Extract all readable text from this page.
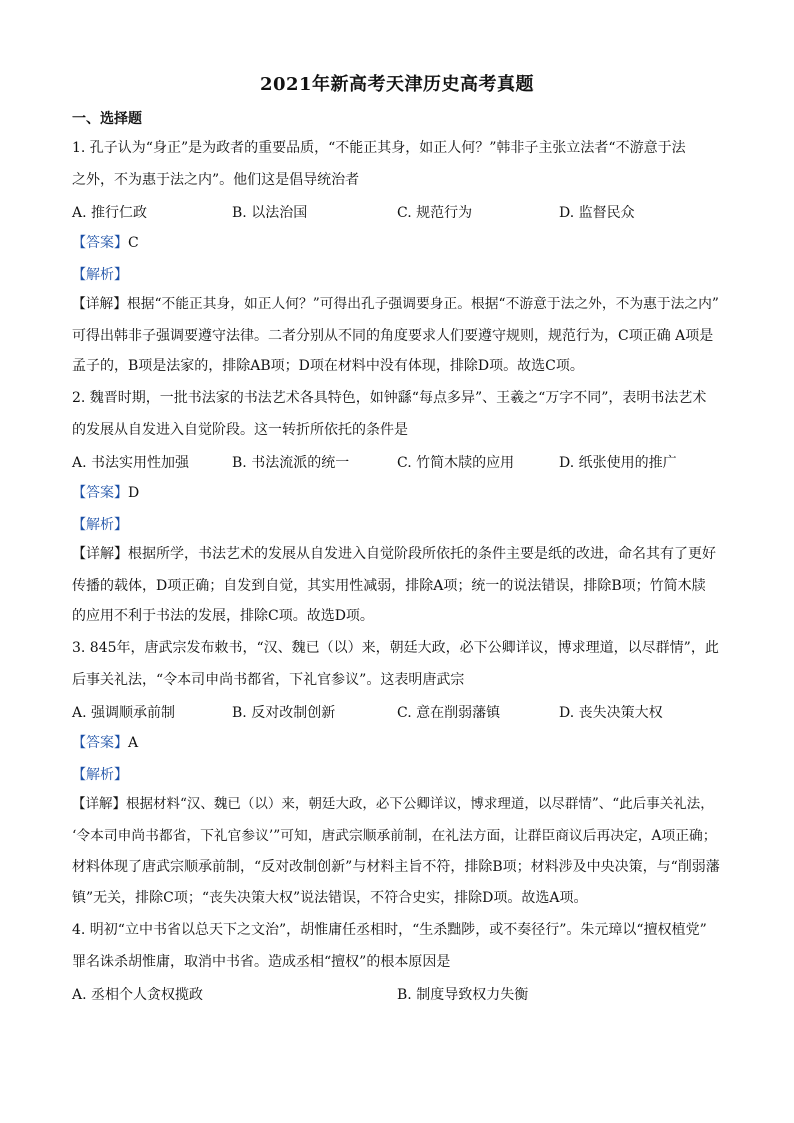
2021年新高考天津历史高考真题
一、选择题
1. 孔子认为“身正”是为政者的重要品质，“不能正其身，如正人何？”韩非子主张立法者“不游意于法
之外，不为惠于法之内”。他们这是倡导统治者
A. 推行仁政	B. 以法治国	C. 规范行为	D. 监督民众
【答案】C
【解析】
【详解】根据“不能正其身，如正人何？”可得出孔子强调要身正。根据“不游意于法之外，不为惠于法之内”
可得出韩非子强调要遵守法律。二者分别从不同的角度要求人们要遵守规则，规范行为，C项正确 A项是
孟子的，B项是法家的，排除AB项；D项在材料中没有体现，排除D项。故选C项。
2. 魏晋时期，一批书法家的书法艺术各具特色，如钟繇“每点多异”、王羲之“万字不同”，表明书法艺术
的发展从自发进入自觉阶段。这一转折所依托的条件是
A. 书法实用性加强	B. 书法流派的统一	C. 竹简木牍的应用	D. 纸张使用的推广
【答案】D
【解析】
【详解】根据所学，书法艺术的发展从自发进入自觉阶段所依托的条件主要是纸的改进，命名其有了更好
传播的载体，D项正确；自发到自觉，其实用性减弱，排除A项；统一的说法错误，排除B项；竹简木牍
的应用不利于书法的发展，排除C项。故选D项。
3. 845年，唐武宗发布敕书，“汉、魏已（以）来，朝廷大政，必下公卿详议，博求理道，以尽群情”，此
后事关礼法，“令本司申尚书都省，下礼官参议”。这表明唐武宗
A. 强调顺承前制	B. 反对改制创新	C. 意在削弱藩镇	D. 丧失决策大权
【答案】A
【解析】
【详解】根据材料“汉、魏已（以）来，朝廷大政，必下公卿详议，博求理道，以尽群情”、“此后事关礼法，
‘令本司申尚书都省，下礼官参议’”可知，唐武宗顺承前制，在礼法方面，让群臣商议后再决定，A项正确；
材料体现了唐武宗顺承前制，“反对改制创新”与材料主旨不符，排除B项；材料涉及中央决策，与“削弱藩
镇”无关，排除C项；“丧失决策大权”说法错误，不符合史实，排除D项。故选A项。
4. 明初“立中书省以总天下之文治”，胡惟庸任丞相时，“生杀黜陟，或不奏径行”。朱元璋以“擅权植党”
罪名诛杀胡惟庸，取消中书省。造成丞相“擅权”的根本原因是
A. 丞相个人贪权揽政	B. 制度导致权力失衡
